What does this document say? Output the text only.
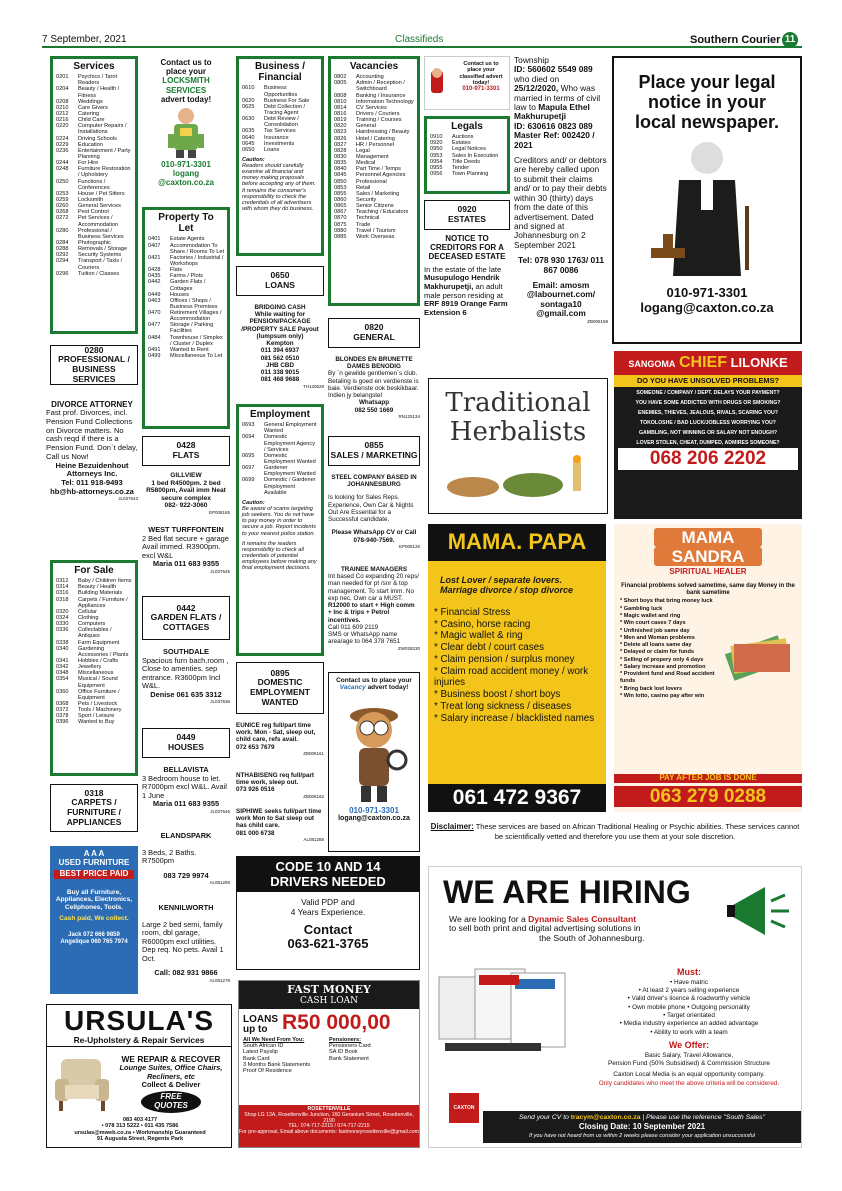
7 September, 2021	Classifieds	Southern Courier 11
Services
0201	Psychics / Tarot Readers
0204	Beauty / Health / Fitness
0208	Weddings
0210	Care Givers
0212	Catering
0216	Child Care
0220	Computer Repairs / Installations
0224	Driving Schools
0229	Education
0236	Entertainment / Party Planning
0244	For Hire
0248	Furniture Restoration / Upholstery
0250	Functions / Conferences
0253	House / Pet Sitters
0259	Locksmith
0260	General Services
0268	Pest Control
0272	Pet Services / Accommodation
0280	Professional / Business Services
0284	Photographic
0288	Removals / Storage
0292	Security Systems
0294	Transport / Taxis / Couriers
0296	Tuition / Classes
Contact us to
place your
LOCKSMITH
SERVICES
advert today!
010-971-3301
logang
@caxton.co.za
Property To Let
0401	Estate Agents
0407	Accommodation To Share / Rooms To Let
0421	Factories / Industrial / Workshops
0428	Flats
0435	Farms / Plots
0442	Garden Flats / Cottages
0449	Houses
0463	Offices / Shops / Business Premises
0470	Retirement Villages / Accommodation
0477	Storage / Parking Facilities
0484	Townhouse / Simplex / Cluster / Duplex
0491	Wanted to Rent
0499	Miscellaneous To Let
Business / Financial
0610	Business Opportunities
0620	Business For Sale
0625	Debt Collection / Tracing Agent
0630	Debt Review / Consolidation
0635	Tax Services
0640	Insurance
0645	Investments
0650	Loans
Caution:
Readers should carefully examine all financial and money making proposals before accepting any of them. It remains the consumer's responsibility to check the credentials of all advertisers with whom they do business.
Vacancies
0802	Accounting
0805	Admin / Reception / Switchboard
0808	Banking / Insurance
0810	Information Technology
0814	CV Services
0816	Drivers / Couriers
0819	Training / Courses
0820	General
0823	Hairdressing / Beauty
0826	Hotel / Catering
0827	HR / Personnel
0828	Legal
0830	Management
0835	Medical
0840	Part Time / Temps
0845	Personnel Agencies
0850	Professional
0853	Retail
0855	Sales / Marketing
0860	Security
0865	Senior Citizens
0867	Teaching / Educators
0870	Technical
0875	Trade
0880	Travel / Tourism
0885	Work Overseas
Contact us to
place your
classified advert
today!
010-971-3301
Legals
0910	Auctions
0920	Estates
0950	Legal Notices
0953	Sales In Execution
0954	Title Deeds
0955	Tender
0956	Town Planning
0920
ESTATES
NOTICE TO CREDITORS FOR A DECEASED ESTATE
In the estate of the late Musupulogo Hendrik Makhurupetji, an adult male person residing at ERF 8919 Orange Farm Extension 6
Township
ID: 560602 5549 089
who died on
25/12/2020, Who was married in terms of civil law to Mapula Ethel Makhurupetji
ID: 630616 0823 089
Master Ref: 002420 / 2021
Creditors and/ or debtors are hereby called upon to submit their claims and/ or to pay their debts within 30 (thirty) days from the date of this advertisement. Dated and signed at Johannesburg on 2 September 2021
Tel: 078 930 1763/ 011 867 0086
Email: amosm
@labournet.com/
sontaga10
@gmail.com
ZB006159
Place your legal
notice in your
local newspaper.
010-971-3301
logang@caxton.co.za
0280
PROFESSIONAL / BUSINESS SERVICES
DIVORCE ATTORNEY
Fast prof. Divorces, incl. Pension Fund Collections on Divorce matters. No cash reqd if there is a Pension Fund. Don`t delay, Call us Now!
Heine Bezuidenhout Attorneys Inc.
Tel: 011 918-9493
hb@hb-attorneys.co.za
JL037643
For Sale
0312	Baby / Children Items
0314	Beauty / Health
0316	Building Materials
0318	Carpets / Furniture / Appliances
0320	Cellular
0324	Clothing
0330	Computers
0336	Collectables / Antiques
0338	Farm Equipment
0340	Gardening Accessories / Plants
0341	Hobbies / Crafts
0342	Jewellery
0348	Miscellaneous
0354	Musical / Sound Equipment
0360	Office Furniture / Equipment
0368	Pets / Livestock
0372	Tools / Machinery
0378	Sport / Leisure
0396	Wanted to Buy
0318
CARPETS / FURNITURE / APPLIANCES
A A A
USED FURNITURE
BEST PRICE PAID
Buy all Furniture, Appliances, Electronics, Cellphones, Tools.
Cash paid, We collect.
Jack 072 666 9859
Angelique 060 765 7974
0428
FLATS
GILLVIEW
1 bed R4500pm. 2 bed R5800pm, Avail imm Neat secure complex
082- 922-3060
EP008165
WEST TURFFONTEIN
2 Bed flat secure + garage Avail immed. R3900pm. excl W&L
Maria 011 683 9355
JL037645
0442
GARDEN FLATS / COTTAGES
SOUTHDALE
Spacious furn bach.room , Close to amenties. sep entrance. R3600pm Incl W&L.
Denise 061 635 3312
JL037636
0449
HOUSES
BELLAVISTA
3 Bedroom house to let. R7000pm excl W&L. Avail 1 June
Maria 011 683 9355
JL037646
ELANDSPARK
3 Beds, 2 Baths. R7500pm
083 729 9974
AL081289
KENNILWORTH
Large 2 bed semi, family room, dbl garage, R6000pm excl utilities. Dep req. No pets. Avail 1 Oct.
Call: 082 931 9866
AL081278
0650
LOANS
BRIDGING CASH
While waiting for PENSION/PACKAGE /PROPERTY SALE Payout (lumpsum only)
Kempton
011 394 6937
081 562 0510
JHB CBD
011 338 9015
081 468 9688
TH120628
Employment
0693	General Employment Wanted
0694	Domestic Employment Agency / Services
0695	Domestic Employment Wanted
0697	Gardener Employment Wanted
0699	Domestic / Gardener Employment Available
Caution:
Be aware of scams targeting job seekers. You do not have to pay money in order to secure a job. Report incidents to your nearest police station.
It remains the readers responsibility to check all credentials of potential employees before making any final employment decisions.
0895
DOMESTIC EMPLOYMENT WANTED
EUNICE reg full/part time work. Mon - Sat, sleep out, child care, refs avail.
072 653 7679
ZB006161
NTHABISENG req full/part time work, sleep out.
073 926 0516
ZB006162
SIPHIWE seeks full/part time work Mon to Sat sleep out has child care.
081 000 6738
AL081288
0820
GENERAL
BLONDES EN BRUNETTE DAMES BENODIG
By `n gewilde gentlemen`s club. Betaling is goed en verdienste is baie. Verdienste ook beskikbaar. Indien jy belangstel
Whatsapp
082 550 1669
RN125134
0855
SALES / MARKETING
STEEL COMPANY BASED IN JOHANNESBURG
Is looking for Sales Reps. Experience, Own Car & Nights Out Are Essential for a Successful candidate.
Please WhatsApp CV or Call 078-940-7569.
EP008126
TRAINEE MANAGERS
Int based Co expanding 20 reps/ man needed for pt /snr & top management. To start imm. No exp nec. Own car a MUST.
R12000 to start + High comm + Inc & trips + Petrol incentives.
Call 011 609 2119
SMS or WhatsApp name area/age to 064 378 7651
ZW028230
Contact us to place your
Vacancy advert today!
010-971-3301
logang@caxton.co.za
SANGOMA CHIEF LILONKE
DO YOU HAVE UNSOLVED PROBLEMS?
SOMEONE / COMPANY / DEPT. DELAYS YOUR PAYMENT?
YOU HAVE SOME ADDICTED WITH DRUGS OR SMOKING?
ENEMIES, THIEVES, JEALOUS, RIVALS, SCARING YOU?
TOKOLOSHE / BAD LUCK/JOBLESS WORRYING YOU?
GAMBLING, NOT WINNING OR SALARY NOT ENOUGH?
LOVER STOLEN, CHEAT, DUMPED, ADMIRES SOMEONE?
068 206 2202
Traditional
Herbalists
MAMA. PAPA
Lost Lover / separate lovers.
Marriage divorce / stop divorce
* Financial Stress
* Casino, horse racing
* Magic wallet & ring
* Clear debt / court cases
* Claim pension / surplus money
* Claim road accident money / work injuries
* Business boost / short boys
* Treat long sickness / diseases
* Salary increase / blacklisted names
061 472 9367
MAMA
SANDRA
SPIRITUAL HEALER
Financial problems solved sametime, same day Money in the bank sametime
* Short boys that bring money luck
* Gambling luck
* Magic wallet and ring
* Win court cases 7 days
* Unfinished job same day
* Men and Woman problems
* Delete all loans same day
* Delayed or claim for funds
* Selling of propery only 4 days
* Salary increase and promotion
* Provident fund and Road accident funds
* Bring back lost lovers
* Win lotto, casino pay after win
PAY AFTER JOB IS DONE
063 279 0288
Disclaimer: These services are based on African Traditional Healing or Psychic abilities. These services cannot be scientifically vetted and therefore you use them at your sole discretion.
CODE 10 AND 14
DRIVERS NEEDED
Valid PDP and
4 Years Experience.
Contact
063-621-3765
URSULA'S
Re-Upholstery & Repair Services
WE REPAIR & RECOVER
Lounge Suites, Office Chairs, Recliners, etc
Collect & Deliver
FREE
QUOTES
083 403 4177
• 078 313 5222 • 011 435 7586
ursulas@mweb.co.za • Workmanship Guaranteed
91 Augusta Street, Regents Park
FAST MONEY
CASH LOAN
LOANS
up to R50 000,00
All We Need From You:
South African ID
Latest Payslip
Bank Card
3 Months Bank Statements
Proof Of Residence
Pensioners:
Pensioners Card
SA ID Book
Bank Statement
ROSETTENVILLE
Shop LG 13A, Rosettenville Junction, 160 Geranium Street, Rosettenville, 2190
TEL: 074-717-2215 / 074-717-2215
For pre-approval, Email above documents: fastmoneyrosettenville@gmail.com
WE ARE HIRING
We are looking for a Dynamic Sales Consultant
to sell both print and digital advertising solutions in
the South of Johannesburg.
Must:
• Have matric
• At least 2 years selling experience
• Valid driver's licence & roadworthy vehicle
• Own mobile phone • Outgoing personality
• Target orientated
• Media industry experience an added advantage
• Ability to work with a team
We Offer:
Basic Salary, Travel Allowance,
Pension Fund (50% Subsidised) & Commission Structure
Caxton Local Media is an equal opportunity company.
Only candidates who meet the above criteria will be considered.
CAXTON
Send your CV to tracym@caxton.co.za | Please use the reference "South Sales"
Closing Date: 10 September 2021
If you have not heard from us within 2 weeks please consider your application unsuccessful
